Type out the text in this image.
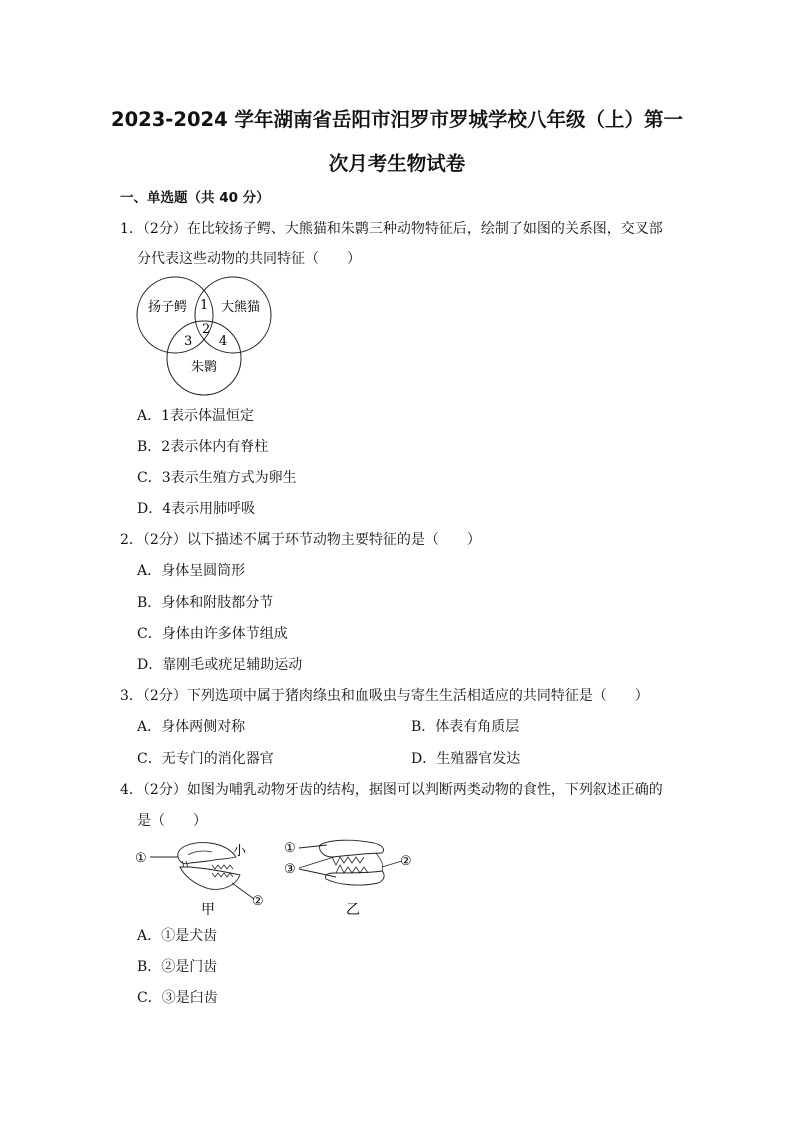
2023-2024 学年湖南省岳阳市汨罗市罗城学校八年级（上）第一
次月考生物试卷
一、单选题（共 40 分）
1．（2分）在比较扬子鳄、大熊猫和朱鹮三种动物特征后，绘制了如图的关系图，交叉部
分代表这些动物的共同特征（　　）
扬子鳄	大熊猫
朱鹮
1
2
3 4
A．1表示体温恒定
B．2表示体内有脊柱
C．3表示生殖方式为卵生
D．4表示用肺呼吸
2．（2分）以下描述不属于环节动物主要特征的是（　　）
A．身体呈圆筒形
B．身体和附肢都分节
C．身体由许多体节组成
D．靠刚毛或疣足辅助运动
3．（2分）下列选项中属于猪肉绦虫和血吸虫与寄生生活相适应的共同特征是（　　）
A．身体两侧对称	B．体表有角质层
C．无专门的消化器官	D．生殖器官发达
4．（2分）如图为哺乳动物牙齿的结构，据图可以判断两类动物的食性，下列叙述正确的
是（　　）
①	小
②
甲
①
③
②
乙
A．①是犬齿
B．②是门齿
C．③是臼齿
